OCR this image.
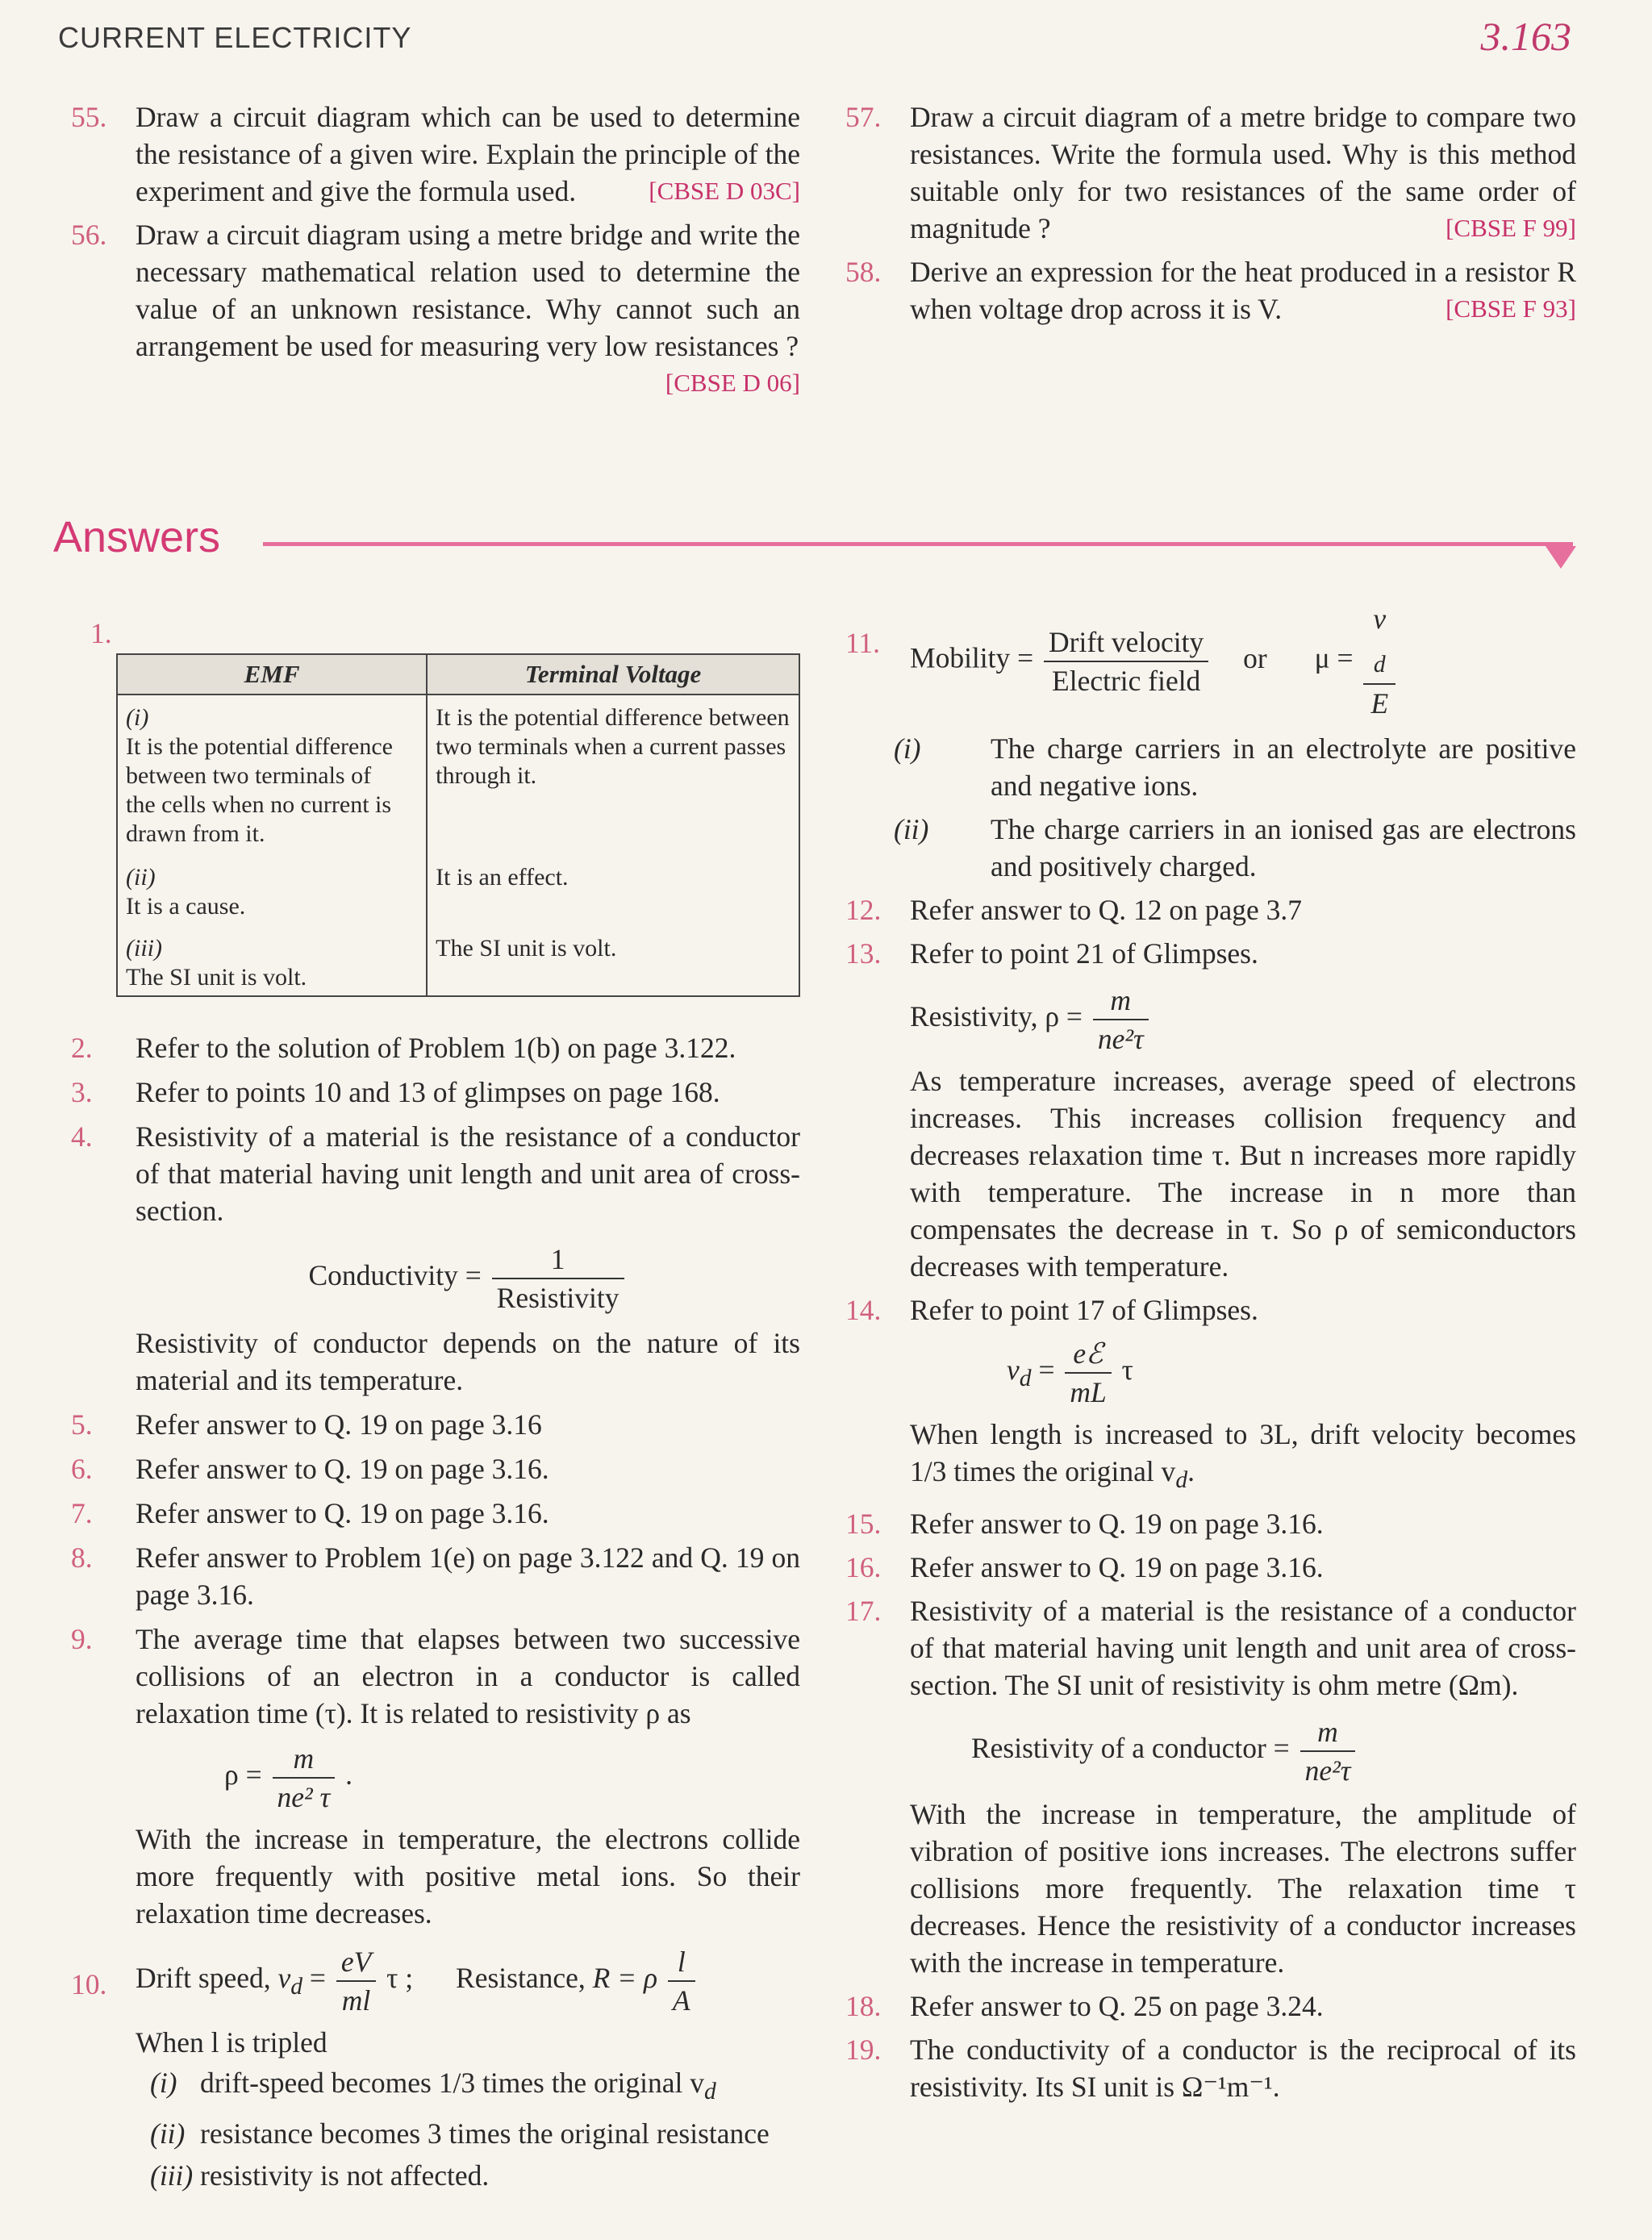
CURRENT ELECTRICITY	3.163
55. Draw a circuit diagram which can be used to determine the resistance of a given wire. Explain the principle of the experiment and give the formula used.	[CBSE D 03C]
56. Draw a circuit diagram using a metre bridge and write the necessary mathematical relation used to determine the value of an unknown resistance. Why cannot such an arrangement be used for measuring very low resistances ?
[CBSE D 06]
57. Draw a circuit diagram of a metre bridge to compare two resistances. Write the formula used. Why is this method suitable only for two resistances of the same order of magnitude ?	[CBSE F 99]
58. Derive an expression for the heat produced in a resistor R when voltage drop across it is V.	[CBSE F 93]
Answers
1.
EMF	Terminal Voltage
(i)It is the potential difference between two terminals of the cells when no current is drawn from it.	It is the potential difference between two terminals when a current passes through it.
(ii)It is a cause.	It is an effect.
(iii)The SI unit is volt.	The SI unit is volt.
2. Refer to the solution of Problem 1(b) on page 3.122.
3. Refer to points 10 and 13 of glimpses on page 168.
4. Resistivity of a material is the resistance of a conductor of that material having unit length and unit area of cross-section.

Conductivity = $\frac{1}{\text{Resistivity}}$

Resistivity of conductor depends on the nature of its material and its temperature.

5. Refer answer to Q. 19 on page 3.16
6. Refer answer to Q. 19 on page 3.16.
7. Refer answer to Q. 19 on page 3.16.
8. Refer answer to Problem 1(e) on page 3.122 and Q. 19 on page 3.16.
9. The average time that elapses between two successive collisions of an electron in a conductor is called relaxation time (τ). It is related to resistivity ρ as

$\rho = \frac{m}{\text{ne² τ}}$ .

With the increase in temperature, the electrons collide more frequently with positive metal ions. So their relaxation time decreases.

10. Drift speed, $v_d = \frac{eV}{ml}$ τ ; Resistance, R = ρ $\frac{l}{A}$

When l is tripled

(i) drift-speed becomes 1/3 times the original $v_d$
(ii) resistance becomes 3 times the original resistance
(iii) resistivity is not affected.
11. Mobility = $\frac{\text{Drift velocity}}{\text{Electric field}}$ or μ = v
$_d$
E
(i) The charge carriers in an electrolyte are positive and negative ions.
(ii) The charge carriers in an ionised gas are electrons and positively charged.
12. Refer answer to Q. 12 on page 3.7
13. Refer to point 21 of Glimpses.

Resistivity, $\rho = \frac{m}{\text{ne²τ}}$

As temperature increases, average speed of electrons increases. This increases collision frequency and decreases relaxation time τ. But n increases more rapidly with temperature. The increase in n more than compensates the decrease in τ. So ρ of semiconductors decreases with temperature.

14. Refer to point 17 of Glimpses.

$v_d = \frac{\text{eℰ}}{mL}$ τ

When length is increased to 3L, drift velocity becomes 1/3 times the original $v_d$.

15. Refer answer to Q. 19 on page 3.16.
16. Refer answer to Q. 19 on page 3.16.
17. Resistivity of a material is the resistance of a conductor of that material having unit length and unit area of cross-section. The SI unit of resistivity is ohm metre (Ωm).

Resistivity of a conductor = $\frac{m}{\text{ne²τ}}$

With the increase in temperature, the amplitude of vibration of positive ions increases. The electrons suffer collisions more frequently. The relaxation time τ decreases. Hence the resistivity of a conductor increases with the increase in temperature.

18. Refer answer to Q. 25 on page 3.24.
19. The conductivity of a conductor is the reciprocal of its resistivity. Its SI unit is Ω⁻¹m⁻¹.
